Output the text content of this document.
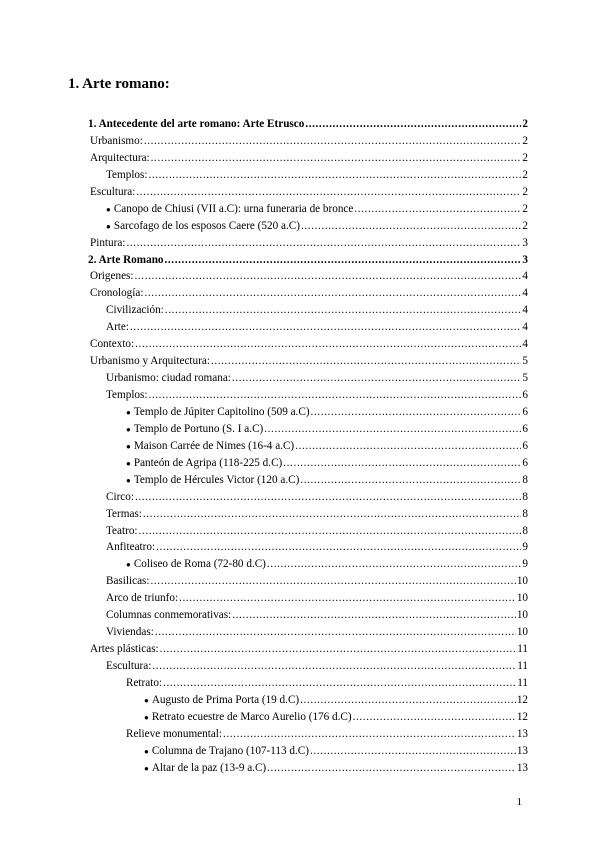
1. Arte romano:
1. Antecedente del arte romano: Arte Etrusco .....	2
Urbanismo: .....	2
Arquitectura: .....	2
Templos: .....	2
Escultura: .....	2
● Canopo de Chiusi (VII a.C): urna funeraria de bronce .....	2
● Sarcofago de los esposos Caere (520 a.C) .....	2
Pintura: .....	3
2. Arte Romano .....	3
Origenes: .....	4
Cronología: .....	4
Civilización: .....	4
Arte: .....	4
Contexto: .....	4
Urbanismo y Arquitectura: .....	5
Urbanismo: ciudad romana: .....	5
Templos: .....	6
● Templo de Júpiter Capitolino (509 a.C) .....	6
● Templo de Portuno (S. I a.C) .....	6
● Maison Carrée de Nimes (16-4 a.C) .....	6
● Panteón de Agripa (118-225 d.C) .....	6
● Templo de Hércules Victor (120 a.C) .....	8
Circo: .....	8
Termas: .....	8
Teatro: .....	8
Anfiteatro: .....	9
● Coliseo de Roma (72-80 d.C) .....	9
Basilicas: .....	10
Arco de triunfo: .....	10
Columnas conmemorativas: .....	10
Viviendas: .....	10
Artes plásticas: .....	11
Escultura: .....	11
Retrato: .....	11
● Augusto de Prima Porta (19 d.C) .....	12
● Retrato ecuestre de Marco Aurelio (176 d.C) .....	12
Relieve monumental: .....	13
● Columna de Trajano (107-113 d.C) .....	13
● Altar de la paz (13-9 a.C) .....	13
1
